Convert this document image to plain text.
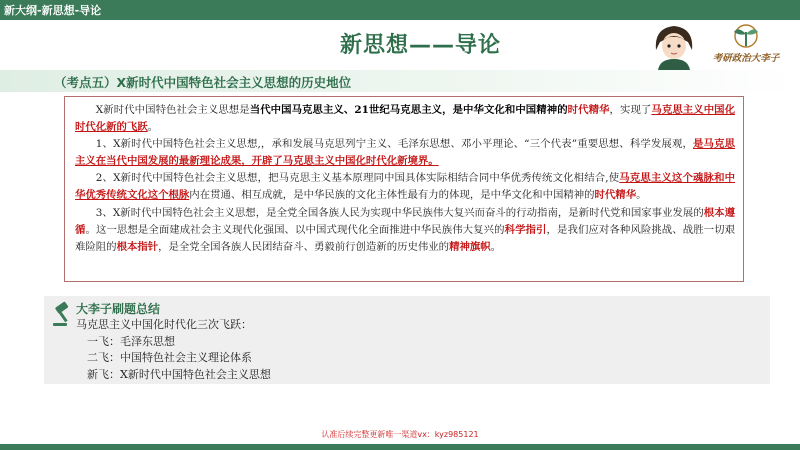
新大纲-新思想-导论
新思想——导论
考研政治大李子
（考点五）X新时代中国特色社会主义思想的历史地位

X新时代中国特色社会主义思想是当代中国马克思主义、21世纪马克思主义，是中华文化和中国精神的时代精华，实现了马克思主义中国化时代化新的飞跃。

1、X新时代中国特色社会主义思想,，承和发展马克思列宁主义、毛泽东思想、邓小平理论、“三个代表”重要思想、科学发展观，是马克思主义在当代中国发展的最新理论成果，开辟了马克思主义中国化时代化新境界。

2、X新时代中国特色社会主义思想，把马克思主义基本原理同中国具体实际相结合同中华优秀传统文化相结合,使马克思主义这个魂脉和中华优秀传统文化这个根脉内在贯通、相互成就，是中华民族的文化主体性最有力的体现，是中华文化和中国精神的时代精华。

3、X新时代中国特色社会主义思想，是全党全国各族人民为实现中华民族伟大复兴而奋斗的行动指南，是新时代党和国家事业发展的根本遵循。这一思想是全面建成社会主义现代化强国、以中国式现代化全面推进中华民族伟大复兴的科学指引，是我们应对各种风险挑战、战胜一切艰难险阻的根本指针，是全党全国各族人民团结奋斗、勇毅前行创造新的历史伟业的精神旗帜。

大李子刷题总结
马克思主义中国化时代化三次飞跃：
一飞：毛泽东思想
二飞：中国特色社会主义理论体系
新飞：X新时代中国特色社会主义思想
认准后续完整更新唯一渠道vx：kyz985121
